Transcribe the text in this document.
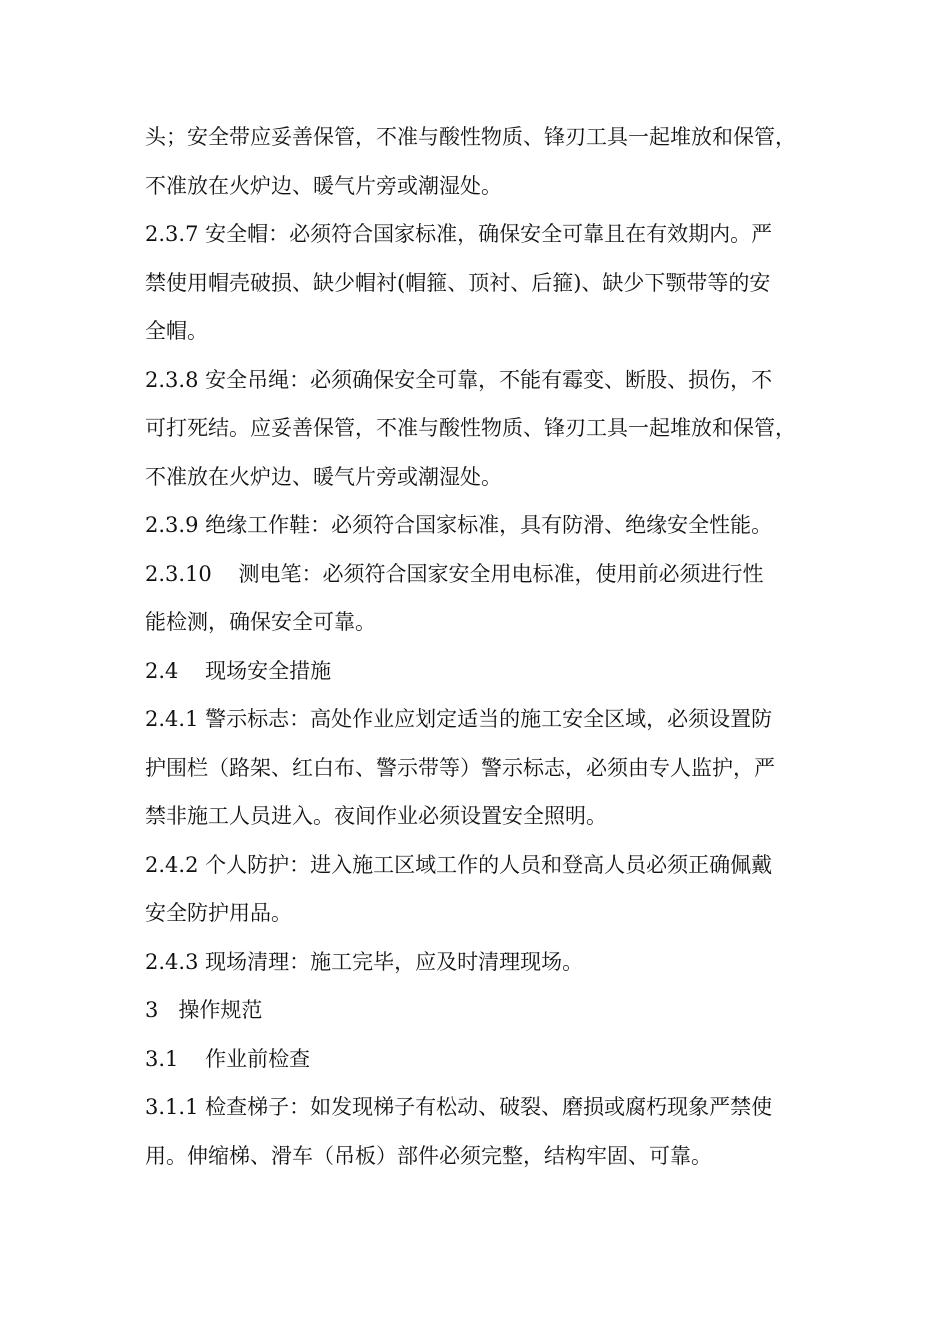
头；安全带应妥善保管，不准与酸性物质、锋刃工具一起堆放和保管，
不准放在火炉边、暖气片旁或潮湿处。

2.3.7 安全帽：必须符合国家标准，确保安全可靠且在有效期内。严
禁使用帽壳破损、缺少帽衬(帽箍、顶衬、后箍)、缺少下颚带等的安
全帽。

2.3.8 安全吊绳：必须确保安全可靠，不能有霉变、断股、损伤，不
可打死结。应妥善保管，不准与酸性物质、锋刃工具一起堆放和保管，
不准放在火炉边、暖气片旁或潮湿处。

2.3.9 绝缘工作鞋：必须符合国家标准，具有防滑、绝缘安全性能。

2.3.10    测电笔：必须符合国家安全用电标准，使用前必须进行性
能检测，确保安全可靠。

2.4    现场安全措施

2.4.1 警示标志：高处作业应划定适当的施工安全区域，必须设置防
护围栏（路架、红白布、警示带等）警示标志，必须由专人监护，严
禁非施工人员进入。夜间作业必须设置安全照明。

2.4.2 个人防护：进入施工区域工作的人员和登高人员必须正确佩戴
安全防护用品。

2.4.3 现场清理：施工完毕，应及时清理现场。

3   操作规范

3.1    作业前检查

3.1.1 检查梯子：如发现梯子有松动、破裂、磨损或腐朽现象严禁使
用。伸缩梯、滑车（吊板）部件必须完整，结构牢固、可靠。
